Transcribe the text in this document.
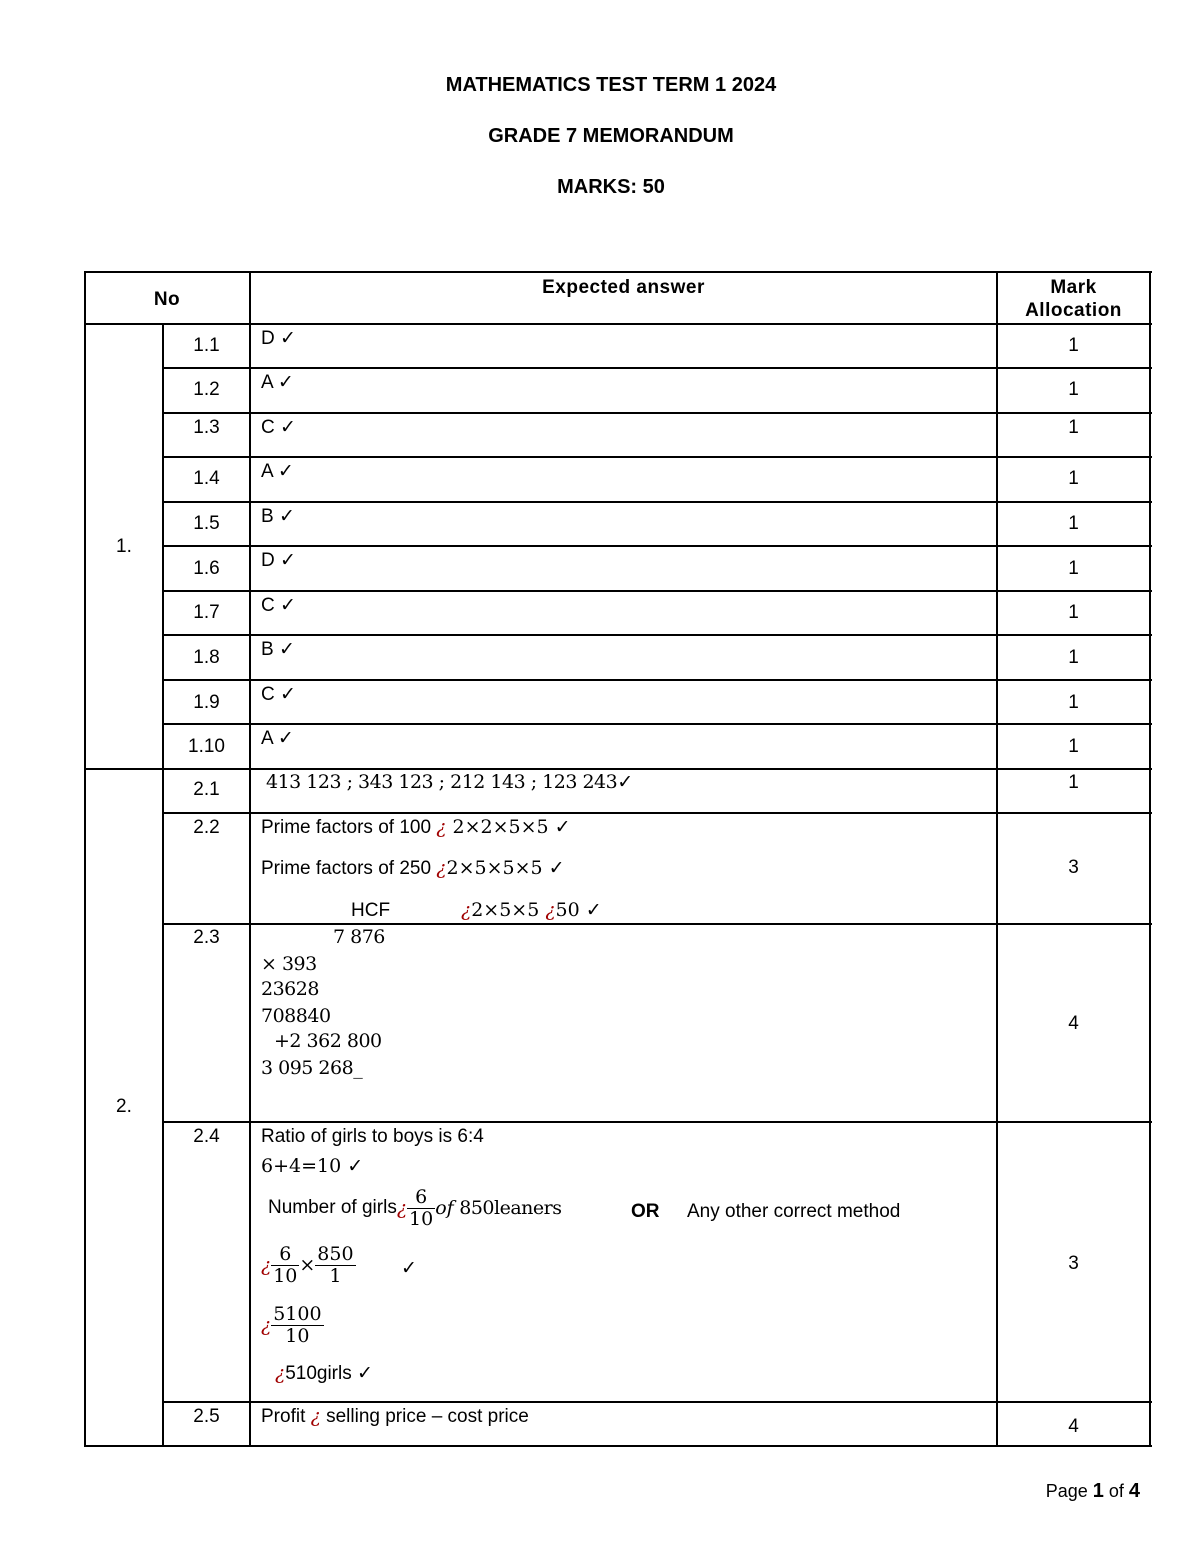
MATHEMATICS TEST TERM 1 2024
GRADE 7 MEMORANDUM
MARKS: 50
No
Expected answer	Mark
Allocation
1.
1.1	D ✓	1
1.2	A ✓	1
1.3	C ✓	1
1.4	A ✓	1
1.5	B ✓	1
1.6	D ✓	1
1.7	C ✓	1
1.8	B ✓	1
1.9	C ✓	1
1.10	A ✓	1
2.
2.1	413 123 ; 343 123 ; 212 143 ; 123 243✓	1
2.2	Prime factors of 100 ¿ 2×2×5×5 ✓
Prime factors of 250 ¿2×5×5×5 ✓
HCF	¿2×5×5 ¿50 ✓
3
2.3	7 876
× 393
23628
708840
+2 362 800
3 095 268_
4
2.4	Ratio of girls to boys is 6:4
6+4=10 ✓
Number of girls¿ $\frac{6}{10}$ of 850leaners	OR Any other correct method
¿ $\frac{6}{10} \times \frac{850}{1}$ ✓
¿ $\frac{5100}{10}$
¿510girls ✓
3
2.5	Profit ¿ selling price – cost price	4
Page 1 of 4
